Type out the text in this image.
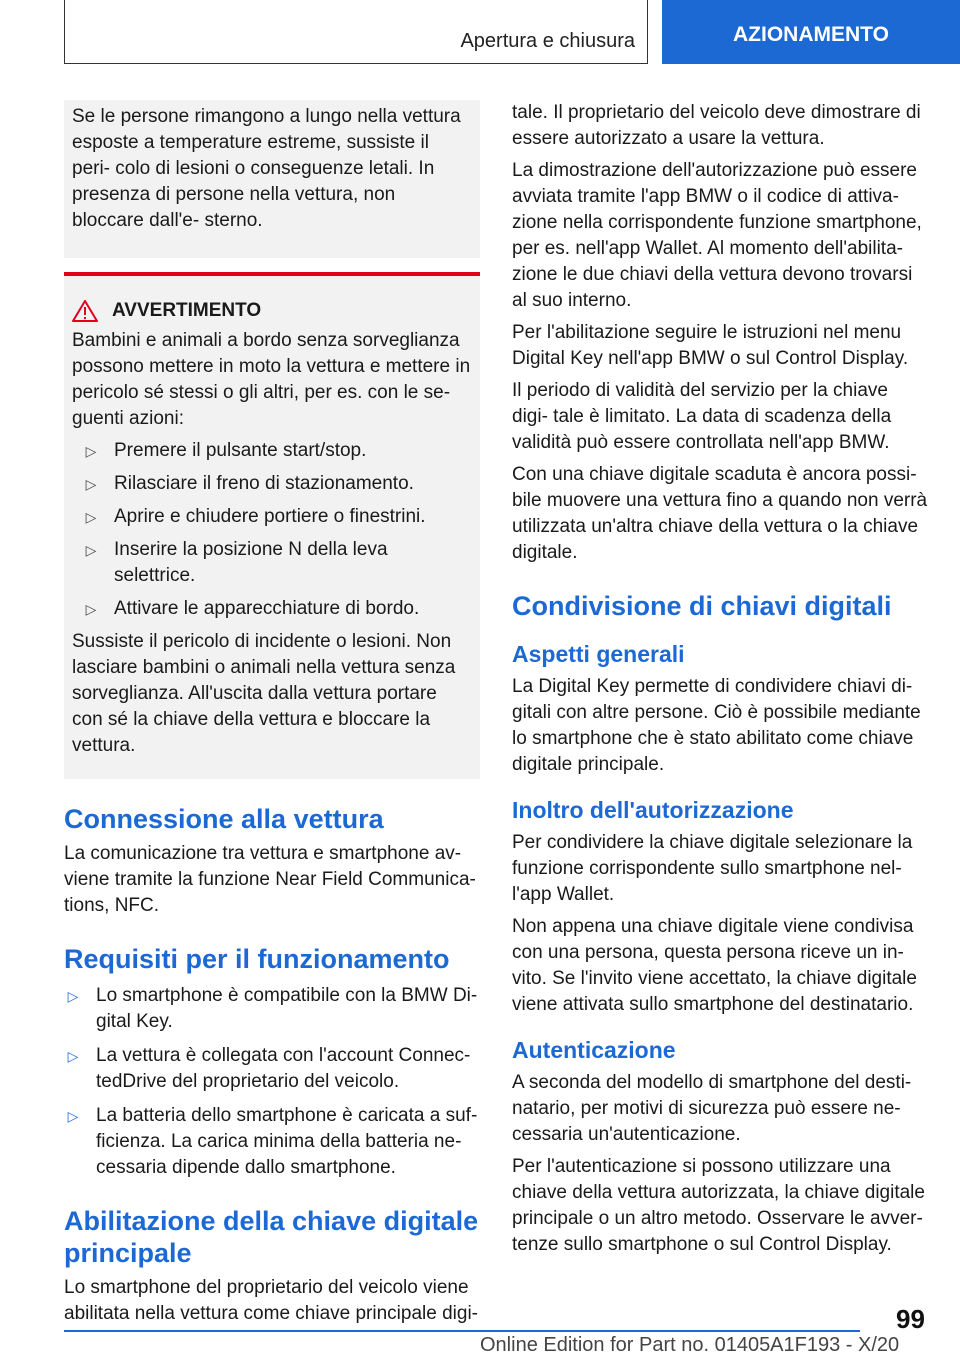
Apertura e chiusura	AZIONAMENTO

Se le persone rimangono a lungo nella vettura esposte a temperature estreme, sussiste il peri- colo di lesioni o conseguenze letali. In presenza di persone nella vettura, non bloccare dall'e- sterno.

AVVERTIMENTO

Bambini e animali a bordo senza sorveglianza possono mettere in moto la vettura e mettere in pericolo sé stessi o gli altri, per es. con le se- guenti azioni:

▷ Premere il pulsante start/stop.
▷ Rilasciare il freno di stazionamento.
▷ Aprire e chiudere portiere o finestrini.
▷ Inserire la posizione N della leva selettrice.
▷ Attivare le apparecchiature di bordo.

Sussiste il pericolo di incidente o lesioni. Non lasciare bambini o animali nella vettura senza sorveglianza. All'uscita dalla vettura portare con sé la chiave della vettura e bloccare la vettura.

Connessione alla vettura

La comunicazione tra vettura e smartphone av- viene tramite la funzione Near Field Communica- tions, NFC.

Requisiti per il funzionamento
▷ Lo smartphone è compatibile con la BMW Di- gital Key.
▷ La vettura è collegata con l'account Connec- tedDrive del proprietario del veicolo.
▷ La batteria dello smartphone è caricata a suf- ficienza. La carica minima della batteria ne- cessaria dipende dallo smartphone.
Abilitazione della chiave digitale principale

Lo smartphone del proprietario del veicolo viene abilitata nella vettura come chiave principale digi-

tale. Il proprietario del veicolo deve dimostrare di essere autorizzato a usare la vettura.

La dimostrazione dell'autorizzazione può essere avviata tramite l'app BMW o il codice di attiva- zione nella corrispondente funzione smartphone, per es. nell'app Wallet. Al momento dell'abilita- zione le due chiavi della vettura devono trovarsi al suo interno.

Per l'abilitazione seguire le istruzioni nel menu Digital Key nell'app BMW o sul Control Display.

Il periodo di validità del servizio per la chiave digi- tale è limitato. La data di scadenza della validità può essere controllata nell'app BMW.

Con una chiave digitale scaduta è ancora possi- bile muovere una vettura fino a quando non verrà utilizzata un'altra chiave della vettura o la chiave digitale.

Condivisione di chiavi digitali
Aspetti generali

La Digital Key permette di condividere chiavi di- gitali con altre persone. Ciò è possibile mediante lo smartphone che è stato abilitato come chiave digitale principale.

Inoltro dell'autorizzazione

Per condividere la chiave digitale selezionare la funzione corrispondente sullo smartphone nel- l'app Wallet.

Non appena una chiave digitale viene condivisa con una persona, questa persona riceve un in- vito. Se l'invito viene accettato, la chiave digitale viene attivata sullo smartphone del destinatario.

Autenticazione

A seconda del modello di smartphone del desti- natario, per motivi di sicurezza può essere ne- cessaria un'autenticazione.

Per l'autenticazione si possono utilizzare una chiave della vettura autorizzata, la chiave digitale principale o un altro metodo. Osservare le avver- tenze sullo smartphone o sul Control Display.

99
Online Edition for Part no. 01405A1F193 - X/20
